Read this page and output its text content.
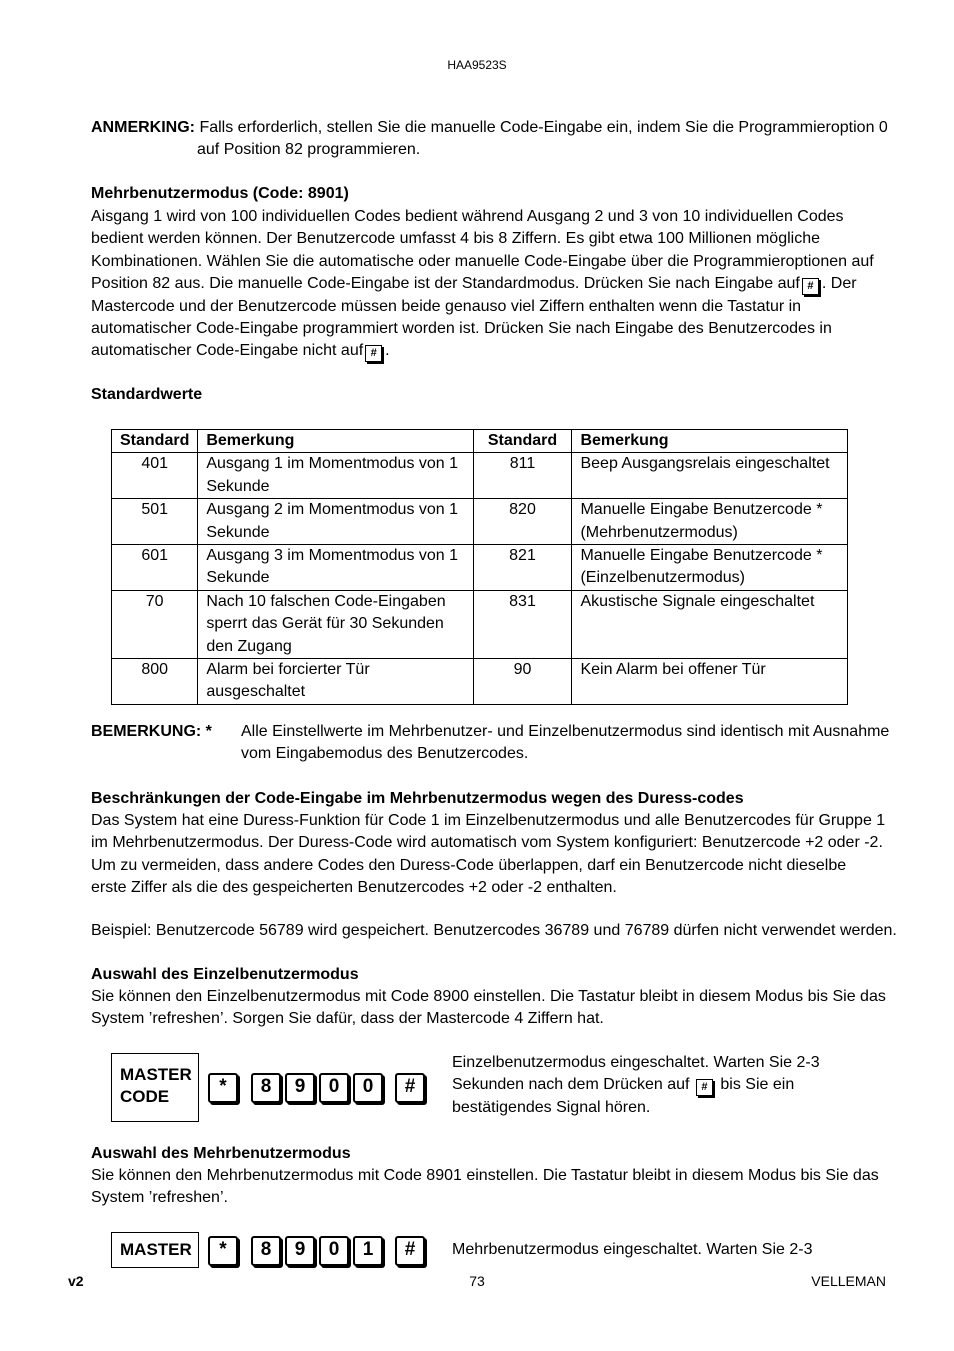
HAA9523S
ANMERKING: Falls erforderlich, stellen Sie die manuelle Code-Eingabe ein, indem Sie die Programmieroption 0
auf Position 82 programmieren.
Mehrbenutzermodus (Code: 8901)
Aisgang 1 wird von 100 individuellen Codes bedient während Ausgang 2 und 3 von 10 individuellen Codes bedient werden können. Der Benutzercode umfasst 4 bis 8 Ziffern. Es gibt etwa 100 Millionen mögliche Kombinationen. Wählen Sie die automatische oder manuelle Code-Eingabe über die Programmieroptionen auf Position 82 aus. Die manuelle Code-Eingabe ist der Standardmodus. Drücken Sie nach Eingabe auf # . Der Mastercode und der Benutzercode müssen beide genauso viel Ziffern enthalten wenn die Tastatur in automatischer Code-Eingabe programmiert worden ist. Drücken Sie nach Eingabe des Benutzercodes in automatischer Code-Eingabe nicht auf # .
Standardwerte
Standard	Bemerkung	Standard	Bemerkung
401	Ausgang 1 im Momentmodus von 1 Sekunde	811	Beep Ausgangsrelais eingeschaltet
501	Ausgang 2 im Momentmodus von 1 Sekunde	820	Manuelle Eingabe Benutzercode * (Mehrbenutzermodus)
601	Ausgang 3 im Momentmodus von 1 Sekunde	821	Manuelle Eingabe Benutzercode * (Einzelbenutzermodus)
70	Nach 10 falschen Code-Eingaben sperrt das Gerät für 30 Sekunden den Zugang	831	Akustische Signale eingeschaltet
800	Alarm bei forcierter Tür ausgeschaltet	90	Kein Alarm bei offener Tür
BEMERKUNG: * Alle Einstellwerte im Mehrbenutzer- und Einzelbenutzermodus sind identisch mit Ausnahme vom Eingabemodus des Benutzercodes.
Beschränkungen der Code-Eingabe im Mehrbenutzermodus wegen des Duress-codes
Das System hat eine Duress-Funktion für Code 1 im Einzelbenutzermodus und alle Benutzercodes für Gruppe 1 im Mehrbenutzermodus. Der Duress-Code wird automatisch vom System konfiguriert: Benutzercode +2 oder -2. Um zu vermeiden, dass andere Codes den Duress-Code überlappen, darf ein Benutzercode nicht dieselbe erste Ziffer als die des gespeicherten Benutzercodes +2 oder -2 enthalten.
Beispiel: Benutzercode 56789 wird gespeichert. Benutzercodes 36789 und 76789 dürfen nicht verwendet werden.
Auswahl des Einzelbenutzermodus
Sie können den Einzelbenutzermodus mit Code 8900 einstellen. Die Tastatur bleibt in diesem Modus bis Sie das System ’refreshen’. Sorgen Sie dafür, dass der Mastercode 4 Ziffern hat.
MASTER
CODE	*	8	9	0	0	#
Einzelbenutzermodus eingeschaltet. Warten Sie 2-3 Sekunden nach dem Drücken auf # bis Sie ein bestätigendes Signal hören.
Auswahl des Mehrbenutzermodus
Sie können den Mehrbenutzermodus mit Code 8901 einstellen. Die Tastatur bleibt in diesem Modus bis Sie das System ’refreshen’.
MASTER	*	8	9	0	1	#	Mehrbenutzermodus eingeschaltet. Warten Sie 2-3
v2	73	VELLEMAN
